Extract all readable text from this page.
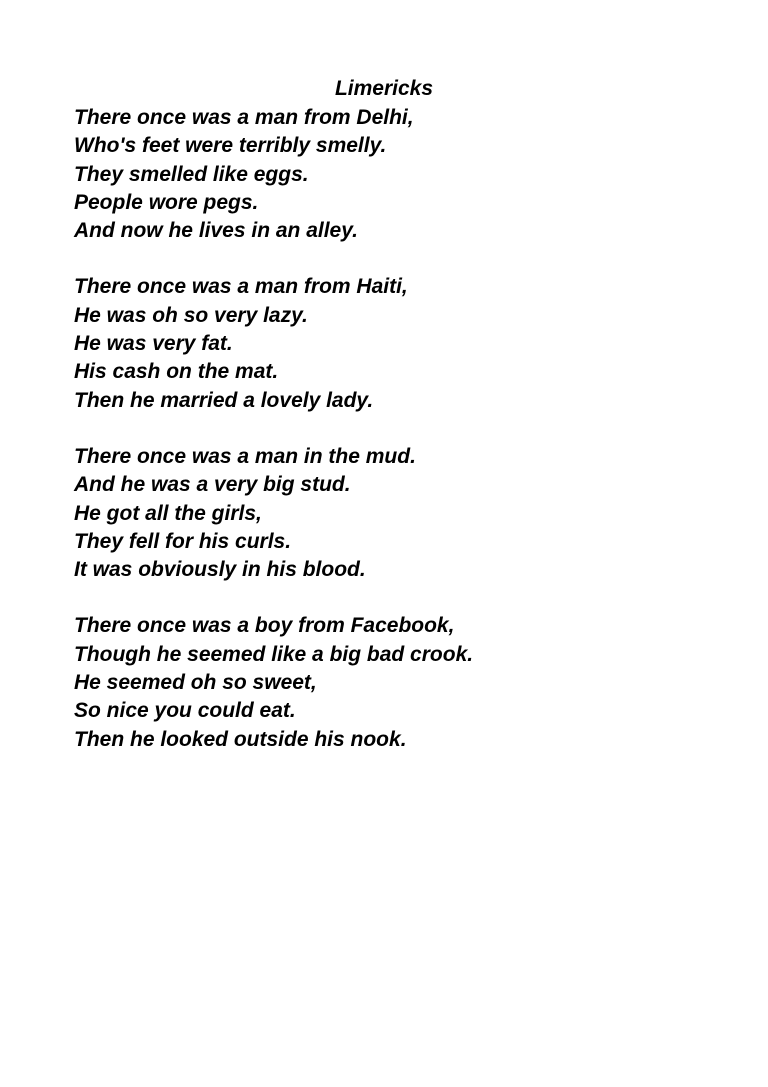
Limericks
There once was a man from Delhi,
Who's feet were terribly smelly.
They smelled like eggs.
People wore pegs.
And now he lives in an alley.
There once was a man from Haiti,
He was oh so very lazy.
He was very fat.
His cash on the mat.
Then he married a lovely lady.
There once was a man in the mud.
And he was a very big stud.
He got all the girls,
They fell for his curls.
It was obviously in his blood.
There once was a boy from Facebook,
Though he seemed like a big bad crook.
He seemed oh so sweet,
So nice you could eat.
Then he looked outside his nook.
